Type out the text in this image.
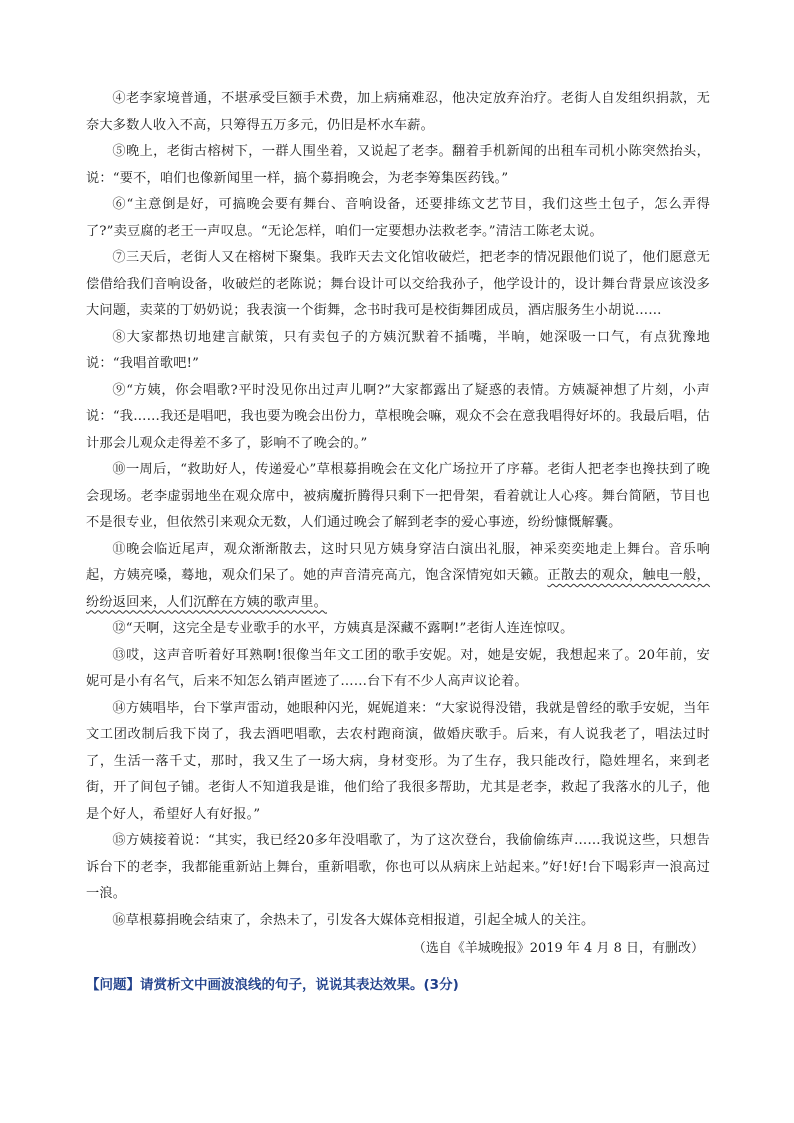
④老李家境普通，不堪承受巨额手术费，加上病痛难忍，他决定放弃治疗。老街人自发组织捐款，无奈大多数人收入不高，只筹得五万多元，仍旧是杯水车薪。

⑤晚上，老街古榕树下，一群人围坐着，又说起了老李。翻着手机新闻的出租车司机小陈突然抬头，说：“要不，咱们也像新闻里一样，搞个募捐晚会，为老李筹集医药钱。”

⑥“主意倒是好，可搞晚会要有舞台、音响设备，还要排练文艺节目，我们这些土包子，怎么弄得了?”卖豆腐的老王一声叹息。“无论怎样，咱们一定要想办法救老李。”清洁工陈老太说。

⑦三天后，老街人又在榕树下聚集。我昨天去文化馆收破烂，把老李的情况跟他们说了，他们愿意无偿借给我们音响设备，收破烂的老陈说；舞台设计可以交给我孙子，他学设计的，设计舞台背景应该没多大问题，卖菜的丁奶奶说；我表演一个街舞，念书时我可是校街舞团成员，酒店服务生小胡说……

⑧大家都热切地建言献策，只有卖包子的方姨沉默着不插嘴，半晌，她深吸一口气，有点犹豫地说：“我唱首歌吧!”

⑨“方姨，你会唱歌?平时没见你出过声儿啊?”大家都露出了疑惑的表情。方姨凝神想了片刻，小声说：“我……我还是唱吧，我也要为晚会出份力，草根晚会嘛，观众不会在意我唱得好坏的。我最后唱，估计那会儿观众走得差不多了，影响不了晚会的。”

⑩一周后，“救助好人，传递爱心”草根募捐晚会在文化广场拉开了序幕。老街人把老李也搀扶到了晚会现场。老李虚弱地坐在观众席中，被病魔折腾得只剩下一把骨架，看着就让人心疼。舞台简陋，节目也不是很专业，但依然引来观众无数，人们通过晚会了解到老李的爱心事迹，纷纷慷慨解囊。

⑪晚会临近尾声，观众渐渐散去，这时只见方姨身穿洁白演出礼服，神采奕奕地走上舞台。音乐响起，方姨亮嗓，蓦地，观众们呆了。她的声音清亮高亢，饱含深情宛如天籁。正散去的观众，触电一般，纷纷返回来，人们沉醉在方姨的歌声里。

⑫“天啊，这完全是专业歌手的水平，方姨真是深藏不露啊!”老街人连连惊叹。

⑬哎，这声音听着好耳熟啊!很像当年文工团的歌手安妮。对，她是安妮，我想起来了。20年前，安妮可是小有名气，后来不知怎么销声匿迹了……台下有不少人高声议论着。

⑭方姨唱毕，台下掌声雷动，她眼种闪光，娓娓道来：“大家说得没错，我就是曾经的歌手安妮，当年文工团改制后我下岗了，我去酒吧唱歌，去农村跑商演，做婚庆歌手。后来，有人说我老了，唱法过时了，生活一落千丈，那时，我又生了一场大病，身材变形。为了生存，我只能改行，隐姓埋名，来到老街，开了间包子铺。老街人不知道我是谁，他们给了我很多帮助，尤其是老李，救起了我落水的儿子，他是个好人，希望好人有好报。”

⑮方姨接着说：“其实，我已经20多年没唱歌了，为了这次登台，我偷偷练声……我说这些，只想告诉台下的老李，我都能重新站上舞台，重新唱歌，你也可以从病床上站起来。”好!好!台下喝彩声一浪高过一浪。

⑯草根募捐晚会结束了，余热未了，引发各大媒体竞相报道，引起全城人的关注。

（选自《羊城晚报》2019 年 4 月 8 日，有删改）

【问题】请赏析文中画波浪线的句子，说说其表达效果。(3分)
